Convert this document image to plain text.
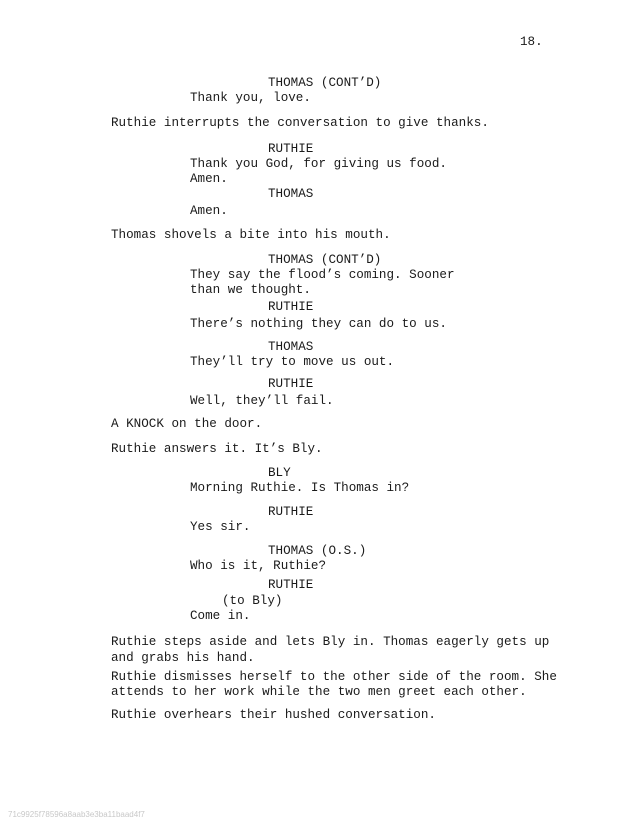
18.
THOMAS (CONT’D)
Thank you, love.
Ruthie interrupts the conversation to give thanks.
RUTHIE
Thank you God, for giving us food.
Amen.
THOMAS
Amen.
Thomas shovels a bite into his mouth.
THOMAS (CONT’D)
They say the flood’s coming. Sooner
than we thought.
RUTHIE
There’s nothing they can do to us.
THOMAS
They’ll try to move us out.
RUTHIE
Well, they’ll fail.
A KNOCK on the door.
Ruthie answers it. It’s Bly.
BLY
Morning Ruthie. Is Thomas in?
RUTHIE
Yes sir.
THOMAS (O.S.)
Who is it, Ruthie?
RUTHIE
(to Bly)
Come in.
Ruthie steps aside and lets Bly in. Thomas eagerly gets up
and grabs his hand.
Ruthie dismisses herself to the other side of the room. She
attends to her work while the two men greet each other.
Ruthie overhears their hushed conversation.
71c9925f78596a8aab3e3ba11baad4f7
